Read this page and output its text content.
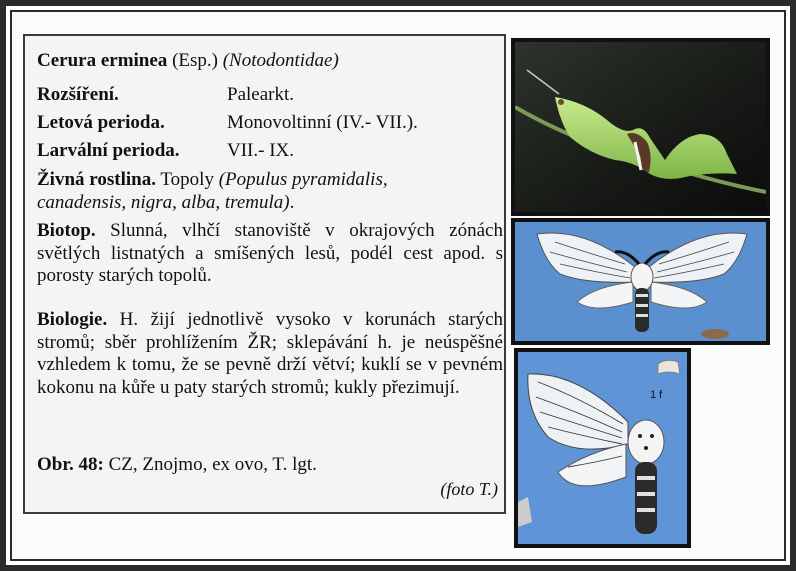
Cerura erminea (Esp.) (Notodontidae)
Rozšíření.	Palearkt.
Letová perioda.	Monovoltinní (IV.- VII.).
Larvální perioda. VII.- IX.
Živná rostlina. Topoly (Populus pyramidalis,
canadensis, nigra, alba, tremula).
Biotop. Slunná, vlhčí stanoviště v okrajových zónách světlých listnatých a smíšených lesů, podél cest apod. s porosty starých topolů.
Biologie. H. žijí jednotlivě vysoko v korunách starých stromů; sběr prohlížením ŽR; sklepávání h. je neúspěšné vzhledem k tomu, že se pevně drží větví; kuklí se v pevném kokonu na kůře u paty starých stromů; kukly přezimují.
Obr. 48: CZ, Znojmo, ex ovo, T. lgt.
(foto T.)
1 f
